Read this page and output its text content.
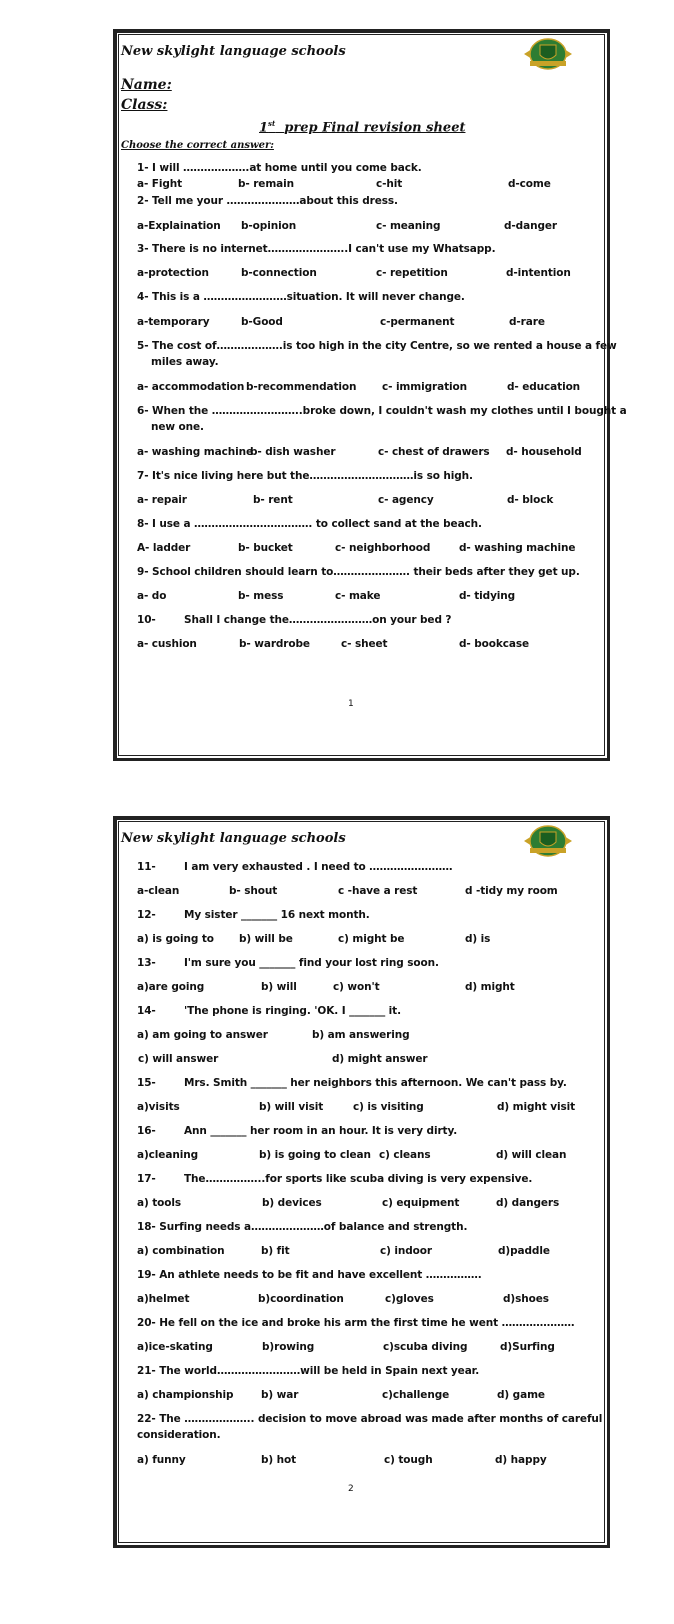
New skylight language schools
Name:
Class:
1st prep Final revision sheet
Choose the correct answer:
1- I will ……………….at home until you come back.
a- Fight	b- remain	c-hit	d-come
2- Tell me your …………………about this dress.
a-Explaination b-opinion	c- meaning	d-danger
3- There is no internet…………………..I can't use my Whatsapp.
a-protection	b-connection	c- repetition	d-intention
4- This is a ……………………situation. It will never change.
a-temporary	b-Good	c-permanent	d-rare
5- The cost of……………….is too high in the city Centre, so we rented a house a few
miles away.
a- accommodation b-recommendation c- immigration	d- education
6- When the ……………………..broke down, I couldn't wash my clothes until I bought a
new one.
a- washing machine
b- dish washer	c- chest of drawers d- household
7- It's nice living here but the…………………………is so high.
a- repair	b- rent	c- agency	d- block
8- I use a ……………………………. to collect sand at the beach.
A- ladder	b- bucket	c- neighborhood	d- washing machine
9- School children should learn to…………………. their beds after they get up.
a- do	b- mess	c- make	d- tidying
10-	Shall I change the……………………on your bed ?
a- cushion	b- wardrobe	c- sheet	d- bookcase
1
New skylight language schools
11-	I am very exhausted . I need to ……………………
a-clean	b- shout	c -have a rest	d -tidy my room
12-	My sister _______ 16 next month.
a) is going to b) will be	c) might be	d) is
13-	I'm sure you _______ find your lost ring soon.
a)are going	b) will	c) won't	d) might
14-	'The phone is ringing. 'OK. I _______ it.
a) am going to answer	b) am answering
c) will answer	d) might answer
15-	Mrs. Smith _______ her neighbors this afternoon. We can't pass by.
a)visits	b) will visit	c) is visiting	d) might visit
16-	Ann _______ her room in an hour. It is very dirty.
a)cleaning	b) is going to clean c) cleans	d) will clean
17-	The……………..for sports like scuba diving is very expensive.
a) tools	b) devices	c) equipment	d) dangers
18- Surfing needs a…………………of balance and strength.
a) combination	b) fit	c) indoor	d)paddle
19- An athlete needs to be fit and have excellent …………….
a)helmet	b)coordination	c)gloves	d)shoes
20- He fell on the ice and broke his arm the first time he went …………………
a)ice-skating	b)rowing	c)scuba diving	d)Surfing
21- The world……………………will be held in Spain next year.
a) championship	b) war	c)challenge	d) game
22- The ……………….. decision to move abroad was made after months of careful
consideration.
a) funny	b) hot	c) tough	d) happy
2
